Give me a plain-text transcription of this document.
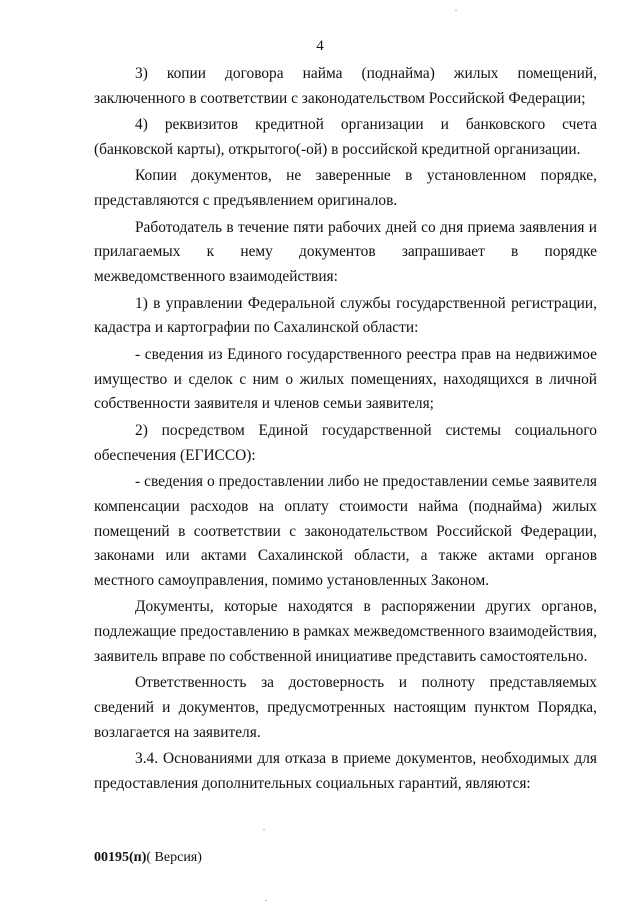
4

3) копии договора найма (поднайма) жилых помещений, заключенного в соответствии с законодательством Российской Федерации;

4) реквизитов кредитной организации и банковского счета (банковской карты), открытого(-ой) в российской кредитной организации.

Копии документов, не заверенные в установленном порядке, представляются с предъявлением оригиналов.

Работодатель в течение пяти рабочих дней со дня приема заявления и прилагаемых к нему документов запрашивает в порядке межведомственного взаимодействия:

1) в управлении Федеральной службы государственной регистрации, кадастра и картографии по Сахалинской области:

- сведения из Единого государственного реестра прав на недвижимое имущество и сделок с ним о жилых помещениях, находящихся в личной собственности заявителя и членов семьи заявителя;

2) посредством Единой государственной системы социального обеспечения (ЕГИССО):

- сведения о предоставлении либо не предоставлении семье заявителя компенсации расходов на оплату стоимости найма (поднайма) жилых помещений в соответствии с законодательством Российской Федерации, законами или актами Сахалинской области, а также актами органов местного самоуправления, помимо установленных Законом.

Документы, которые находятся в распоряжении других органов, подлежащие предоставлению в рамках межведомственного взаимодействия, заявитель вправе по собственной инициативе представить самостоятельно.

Ответственность за достоверность и полноту представляемых сведений и документов, предусмотренных настоящим пунктом Порядка, возлагается на заявителя.

3.4. Основаниями для отказа в приеме документов, необходимых для предоставления дополнительных социальных гарантий, являются:

00195(п)( Версия)
